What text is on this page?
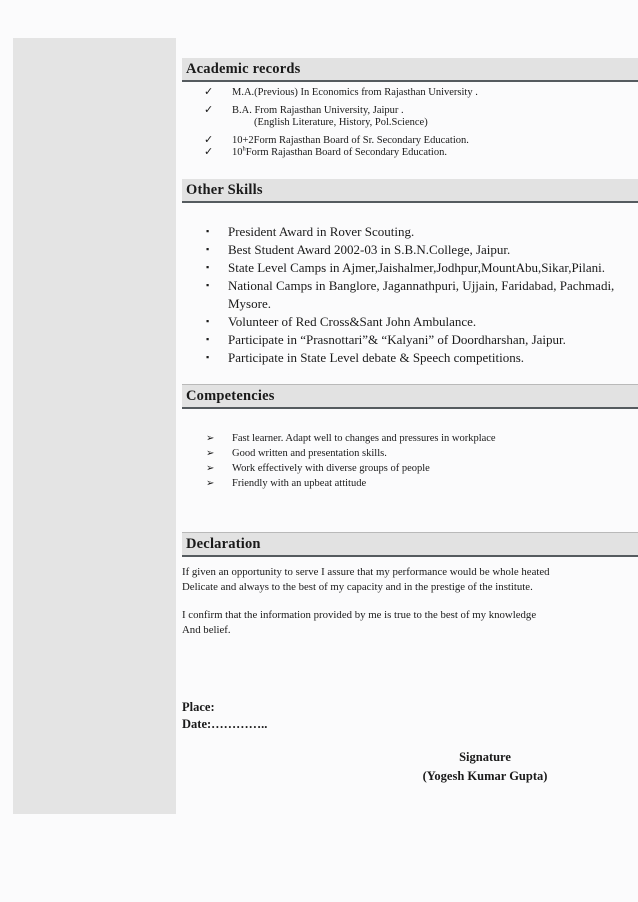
Academic records
✓	M.A.(Previous) In Economics from Rajasthan University .
✓	B.A. From Rajasthan University, Jaipur .
(English Literature, History, Pol.Science)
✓	10+2Form Rajasthan Board of Sr. Secondary Education.
✓	10$^h$Form Rajasthan Board of Secondary Education.
Other Skills
▪	President Award in Rover Scouting.
▪	Best Student Award 2002-03 in S.B.N.College, Jaipur.
▪	State Level Camps in Ajmer,Jaishalmer,Jodhpur,MountAbu,Sikar,Pilani.
▪	National Camps in Banglore, Jagannathpuri, Ujjain, Faridabad, Pachmadi, Mysore.
▪	Volunteer of Red Cross&Sant John Ambulance.
▪	Participate in “Prasnottari”& “Kalyani” of Doordharshan, Jaipur.
▪	Participate in State Level debate & Speech competitions.
Competencies
➢	Fast learner. Adapt well to changes and pressures in workplace
➢	Good written and presentation skills.
➢	Work effectively with diverse groups of people
➢	Friendly with an upbeat attitude
Declaration

If given an opportunity to serve I assure that my performance would be whole heated

Delicate and always to the best of my capacity and in the prestige of the institute.

I confirm that the information provided by me is true to the best of my knowledge

And belief.

Place:
Date:…………..
Signature
(Yogesh Kumar Gupta)
